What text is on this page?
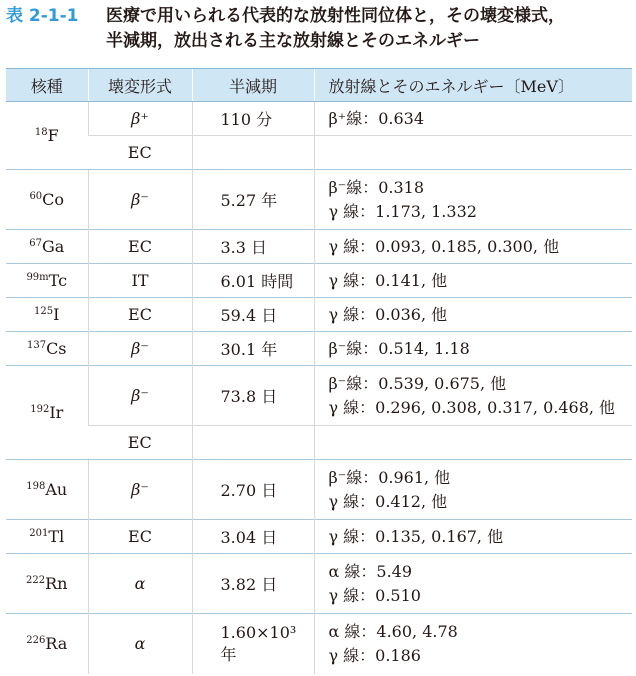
表 2-1-1 医療で用いられる代表的な放射性同位体と，その壊変様式，
半減期，放出される主な放射線とそのエネルギー
核種	壊変形式	半減期	放射線とそのエネルギー〔MeV〕
$^{18}$F	β⁺	110 分	β⁺線：0.634

	EC		
$^{60}$Co	β⁻	5.27 年	β⁻線：0.318
γ 線：1.173, 1.332

$^{67}$Ga	EC	3.3 日	γ 線：0.093, 0.185, 0.300, 他

$^{99m}$Tc	IT	6.01 時間	γ 線：0.141, 他

$^{125}$I	EC	59.4 日	γ 線：0.036, 他

$^{137}$Cs	β⁻	30.1 年	β⁻線：0.514, 1.18

$^{192}$Ir	β⁻	73.8 日	β⁻線：0.539, 0.675, 他
γ 線：0.296, 0.308, 0.317, 0.468, 他

	EC		
$^{198}$Au	β⁻	2.70 日	β⁻線：0.961, 他
γ 線：0.412, 他

$^{201}$Tl	EC	3.04 日	γ 線：0.135, 0.167, 他

$^{222}$Rn	α	3.82 日	α 線：5.49
γ 線：0.510

$^{226}$Ra	α	1.60×10³ 年	α 線：4.60, 4.78
γ 線：0.186
